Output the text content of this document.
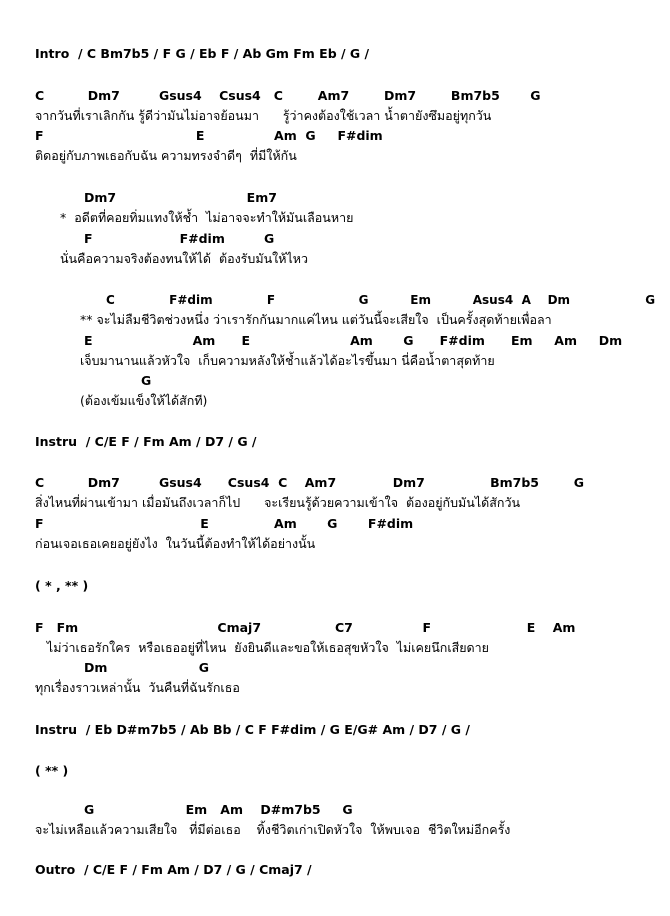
Intro  / C Bm7b5 / F G / Eb F / Ab Gm Fm Eb / G /
C          Dm7         Gsus4    Csus4   C        Am7        Dm7        Bm7b5       G
จากวันที่เราเลิกกัน รู้ดีว่ามันไม่อาจย้อนมา      รู้ว่าคงต้องใช้เวลา น้ำตายังซึมอยู่ทุกวัน
F                                   E                Am  G     F#dim
ติดอยู่กับภาพเธอกับฉัน ความทรงจำดีๆ  ที่มีให้กัน
Dm7                              Em7
*  อดีตที่คอยทิ่มแทงให้ช้ำ  ไม่อาจจะทำให้มันเลือนหาย
F                    F#dim         G
นั่นคือความจริงต้องทนให้ได้  ต้องรับมันให้ไหว
C             F#dim             F                    G          Em          Asus4  A    Dm                  G
** จะไม่ลืมชีวิตช่วงหนึ่ง ว่าเรารักกันมากแค่ไหน แต่วันนี้จะเสียใจ  เป็นครั้งสุดท้ายเพื่อลา
E                       Am      E                       Am       G      F#dim      Em     Am     Dm
เจ็บมานานแล้วหัวใจ  เก็บความหลังให้ช้ำแล้วได้อะไรขึ้นมา นี่คือน้ำตาสุดท้าย
G
(ต้องเข้มแข็งให้ได้สักที)
Instru  / C/E F / Fm Am / D7 / G /
C          Dm7         Gsus4      Csus4  C    Am7             Dm7               Bm7b5        G
สิ่งไหนที่ผ่านเข้ามา เมื่อมันถึงเวลาก็ไป      จะเรียนรู้ด้วยความเข้าใจ  ต้องอยู่กับมันได้สักวัน
F                                    E               Am       G       F#dim
ก่อนเจอเธอเคยอยู่ยังไง  ในวันนี้ต้องทำให้ได้อย่างนั้น
( * , ** )
F   Fm                                Cmaj7                 C7                F                      E    Am
ไม่ว่าเธอรักใคร  หรือเธออยู่ที่ไหน  ยังยินดีและขอให้เธอสุขหัวใจ  ไม่เคยนึกเสียดาย
Dm                     G
ทุกเรื่องราวเหล่านั้น  วันคืนที่ฉันรักเธอ
Instru  / Eb D#m7b5 / Ab Bb / C F F#dim / G E/G# Am / D7 / G /
( ** )
G                     Em   Am    D#m7b5     G
จะไม่เหลือแล้วความเสียใจ   ที่มีต่อเธอ    ทิ้งชีวิตเก่าเปิดหัวใจ  ให้พบเจอ  ชีวิตใหม่อีกครั้ง
Outro  / C/E F / Fm Am / D7 / G / Cmaj7 /
